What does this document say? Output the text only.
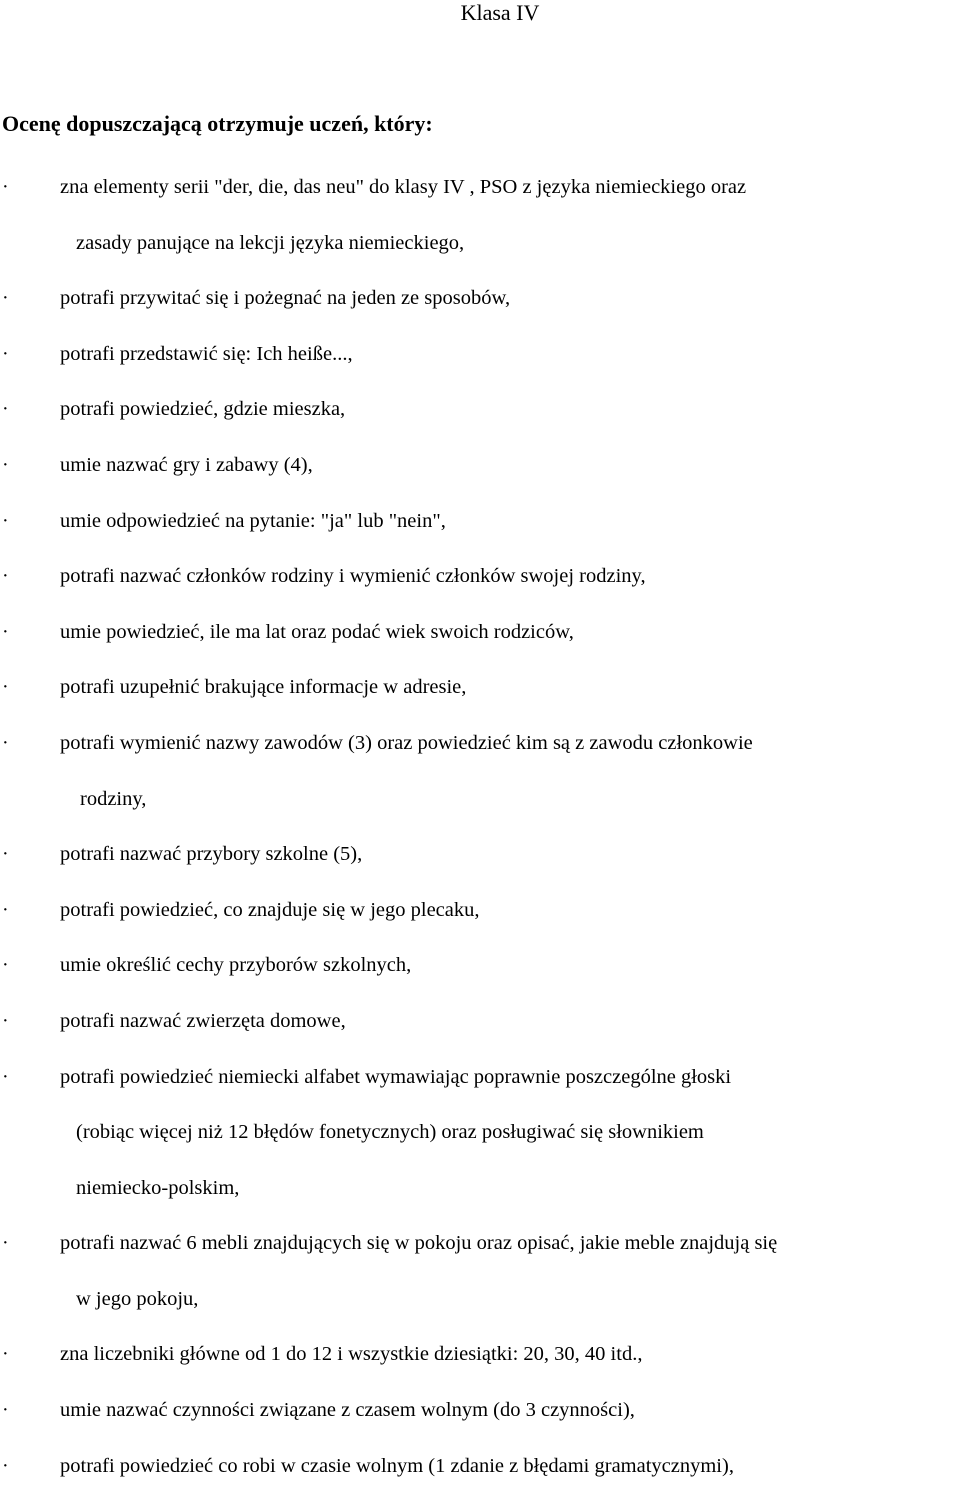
Klasa IV
Ocenę dopuszczającą otrzymuje uczeń, który:
·	zna elementy serii "der, die, das neu" do klasy IV , PSO z języka niemieckiego oraz
zasady panujące na lekcji języka niemieckiego,
·	potrafi przywitać się i pożegnać na jeden ze sposobów,
·	potrafi przedstawić się: Ich heiße...,
·	potrafi powiedzieć, gdzie mieszka,
·	umie nazwać gry i zabawy (4),
·	umie odpowiedzieć na pytanie: "ja" lub "nein",
·	potrafi nazwać członków rodziny i wymienić członków swojej rodziny,
·	umie powiedzieć, ile ma lat oraz podać wiek swoich rodziców,
·	potrafi uzupełnić brakujące informacje w adresie,
·	potrafi wymienić nazwy zawodów (3) oraz powiedzieć kim są z zawodu członkowie
rodziny,
·	potrafi nazwać przybory szkolne (5),
·	potrafi powiedzieć, co znajduje się w jego plecaku,
·	umie określić cechy przyborów szkolnych,
·	potrafi nazwać zwierzęta domowe,
·	potrafi powiedzieć niemiecki alfabet wymawiając poprawnie poszczególne głoski
(robiąc więcej niż 12 błędów fonetycznych) oraz posługiwać się słownikiem
niemiecko-polskim,
·	potrafi nazwać 6 mebli znajdujących się w pokoju oraz opisać, jakie meble znajdują się
w jego pokoju,
·	zna liczebniki główne od 1 do 12 i wszystkie dziesiątki: 20, 30, 40 itd.,
·	umie nazwać czynności związane z czasem wolnym (do 3 czynności),
·	potrafi powiedzieć co robi w czasie wolnym (1 zdanie z błędami gramatycznymi),
